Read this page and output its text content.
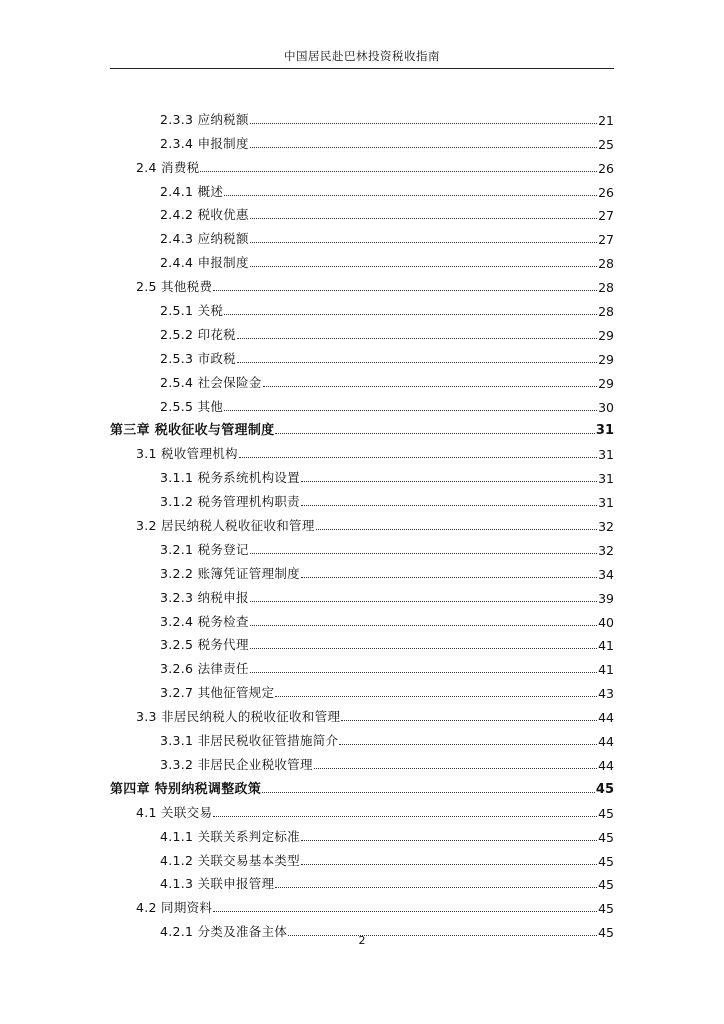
中国居民赴巴林投资税收指南
2.3.3 应纳税额	21
2.3.4 申报制度	25
2.4 消费税	26
2.4.1 概述	26
2.4.2 税收优惠	27
2.4.3 应纳税额	27
2.4.4 申报制度	28
2.5 其他税费	28
2.5.1 关税	28
2.5.2 印花税	29
2.5.3 市政税	29
2.5.4 社会保险金	29
2.5.5 其他	30
第三章 税收征收与管理制度	31
3.1 税收管理机构	31
3.1.1 税务系统机构设置	31
3.1.2 税务管理机构职责	31
3.2 居民纳税人税收征收和管理	32
3.2.1 税务登记	32
3.2.2 账簿凭证管理制度	34
3.2.3 纳税申报	39
3.2.4 税务检查	40
3.2.5 税务代理	41
3.2.6 法律责任	41
3.2.7 其他征管规定	43
3.3 非居民纳税人的税收征收和管理	44
3.3.1 非居民税收征管措施简介	44
3.3.2 非居民企业税收管理	44
第四章 特别纳税调整政策	45
4.1 关联交易	45
4.1.1 关联关系判定标准	45
4.1.2 关联交易基本类型	45
4.1.3 关联申报管理	45
4.2 同期资料	45
4.2.1 分类及准备主体	45
2
